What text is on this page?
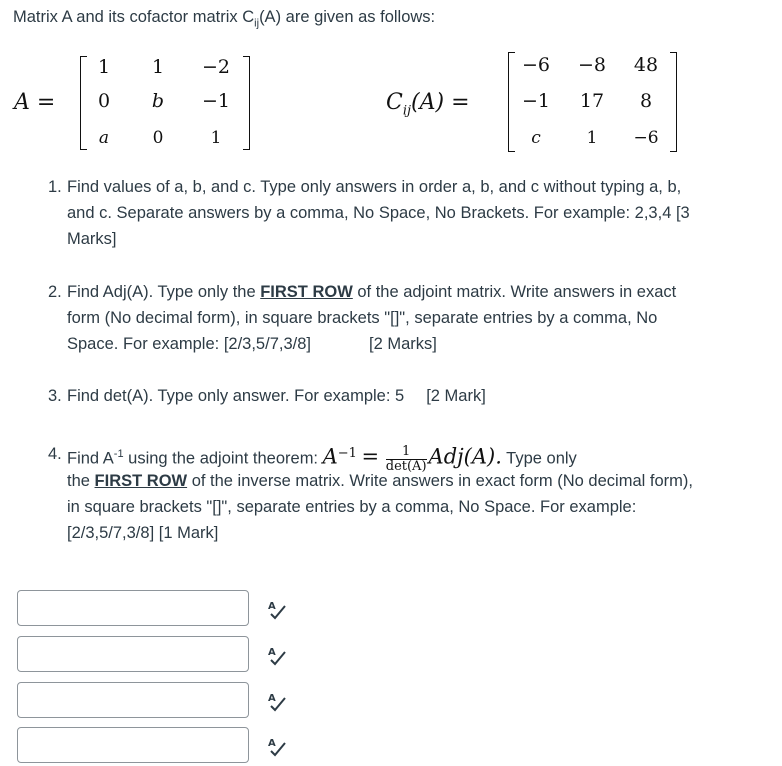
Matrix A and its cofactor matrix $C_{ij}(A)$ are given as follows:
A =
1	1	−2
0	b	−1
a	0	1
$C_{ij}(A)$ =
−6	−8	48
−1	17	8
c	1	−6
1. Find values of a, b, and c. Type only answers in order a, b, and c without typing a, b, and c. Separate answers by a comma, No Space, No Brackets. For example: 2,3,4 [3 Marks]
2. Find Adj(A). Type only the FIRST ROW of the adjoint matrix. Write answers in exact form (No decimal form), in square brackets "[]", separate entries by a comma, No Space. For example: [2/3,5/7,3/8]	[2 Marks]
3. Find det(A). Type only answer. For example: 5 [2 Mark]
4. Find $A^{-1}$ using the adjoint theorem: $A^{-1} = \frac{1}{\det(A)} Adj(A)$. Type only
the FIRST ROW of the inverse matrix. Write answers in exact form (No decimal form), in square brackets "[]", separate entries by a comma, No Space. For example: [2/3,5/7,3/8] [1 Mark]
A
A
A
A
